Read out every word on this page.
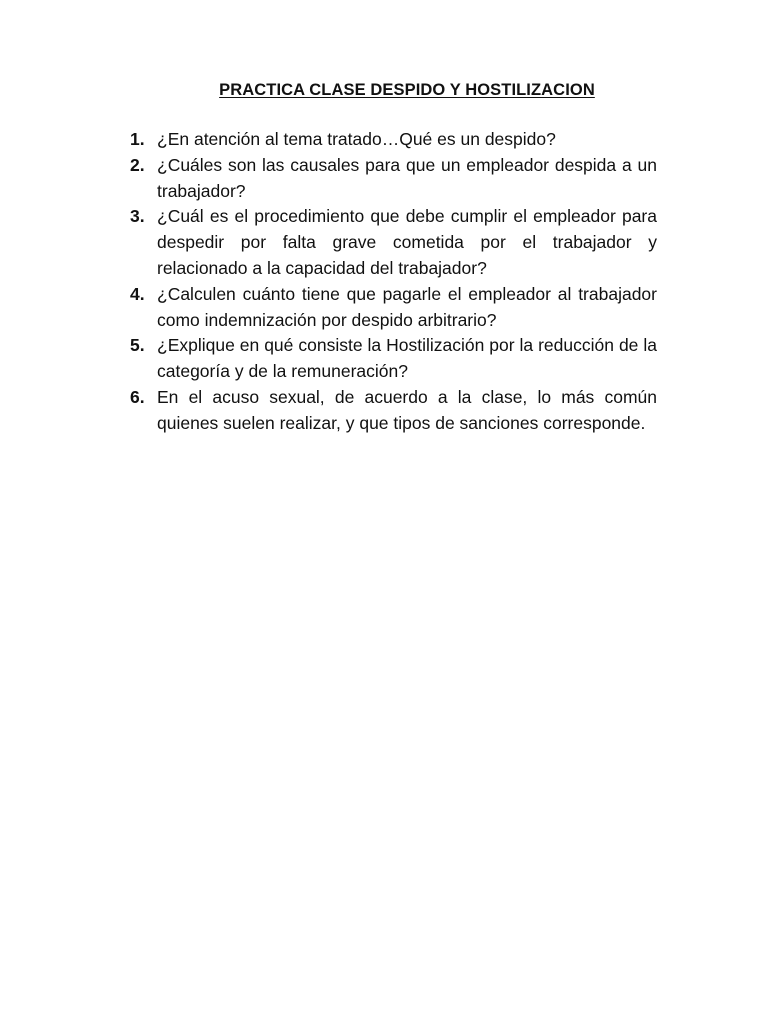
PRACTICA CLASE DESPIDO Y HOSTILIZACION
1. ¿En atención al tema tratado…Qué es un despido?
2. ¿Cuáles son las causales para que un empleador despida a un trabajador?
3. ¿Cuál es el procedimiento que debe cumplir el empleador para despedir por falta grave cometida por el trabajador y relacionado a la capacidad del trabajador?
4. ¿Calculen cuánto tiene que pagarle el empleador al trabajador como indemnización por despido arbitrario?
5. ¿Explique en qué consiste la Hostilización por la reducción de la categoría y de la remuneración?
6. En el acuso sexual, de acuerdo a la clase, lo más común quienes suelen realizar, y que tipos de sanciones corresponde.
